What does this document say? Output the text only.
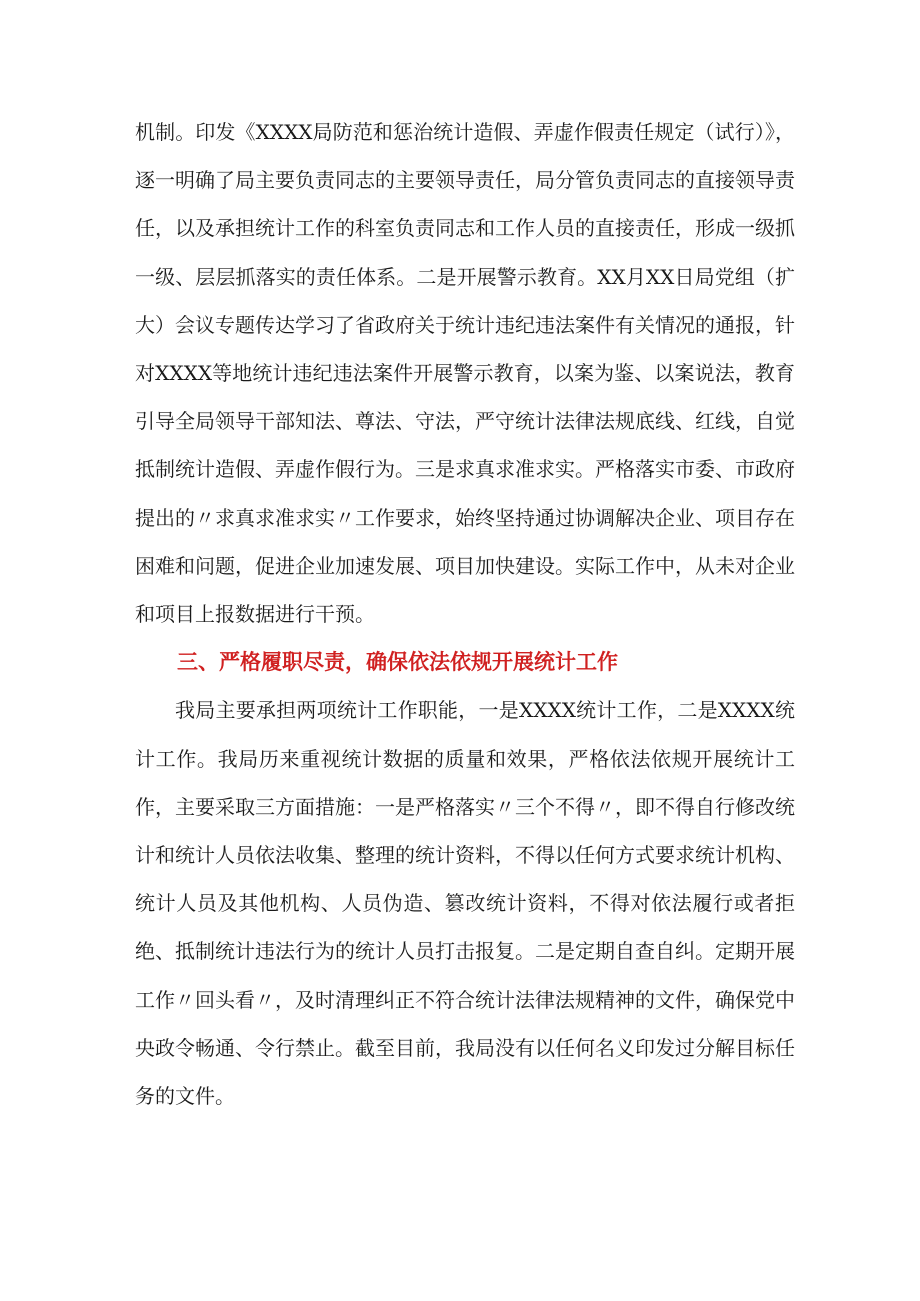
机制。印发《XXXX局防范和惩治统计造假、弄虚作假责任规定（试行）》，逐一明确了局主要负责同志的主要领导责任，局分管负责同志的直接领导责任，以及承担统计工作的科室负责同志和工作人员的直接责任，形成一级抓一级、层层抓落实的责任体系。二是开展警示教育。XX月XX日局党组（扩大）会议专题传达学习了省政府关于统计违纪违法案件有关情况的通报，针对XXXX等地统计违纪违法案件开展警示教育，以案为鉴、以案说法，教育引导全局领导干部知法、尊法、守法，严守统计法律法规底线、红线，自觉抵制统计造假、弄虚作假行为。三是求真求准求实。严格落实市委、市政府提出的〃求真求准求实〃工作要求，始终坚持通过协调解决企业、项目存在困难和问题，促进企业加速发展、项目加快建设。实际工作中，从未对企业和项目上报数据进行干预。

三、严格履职尽责，确保依法依规开展统计工作

我局主要承担两项统计工作职能，一是XXXX统计工作，二是XXXX统计工作。我局历来重视统计数据的质量和效果，严格依法依规开展统计工作，主要采取三方面措施：一是严格落实〃三个不得〃，即不得自行修改统计和统计人员依法收集、整理的统计资料，不得以任何方式要求统计机构、统计人员及其他机构、人员伪造、篡改统计资料，不得对依法履行或者拒绝、抵制统计违法行为的统计人员打击报复。二是定期自查自纠。定期开展工作〃回头看〃，及时清理纠正不符合统计法律法规精神的文件，确保党中央政令畅通、令行禁止。截至目前，我局没有以任何名义印发过分解目标任务的文件。
